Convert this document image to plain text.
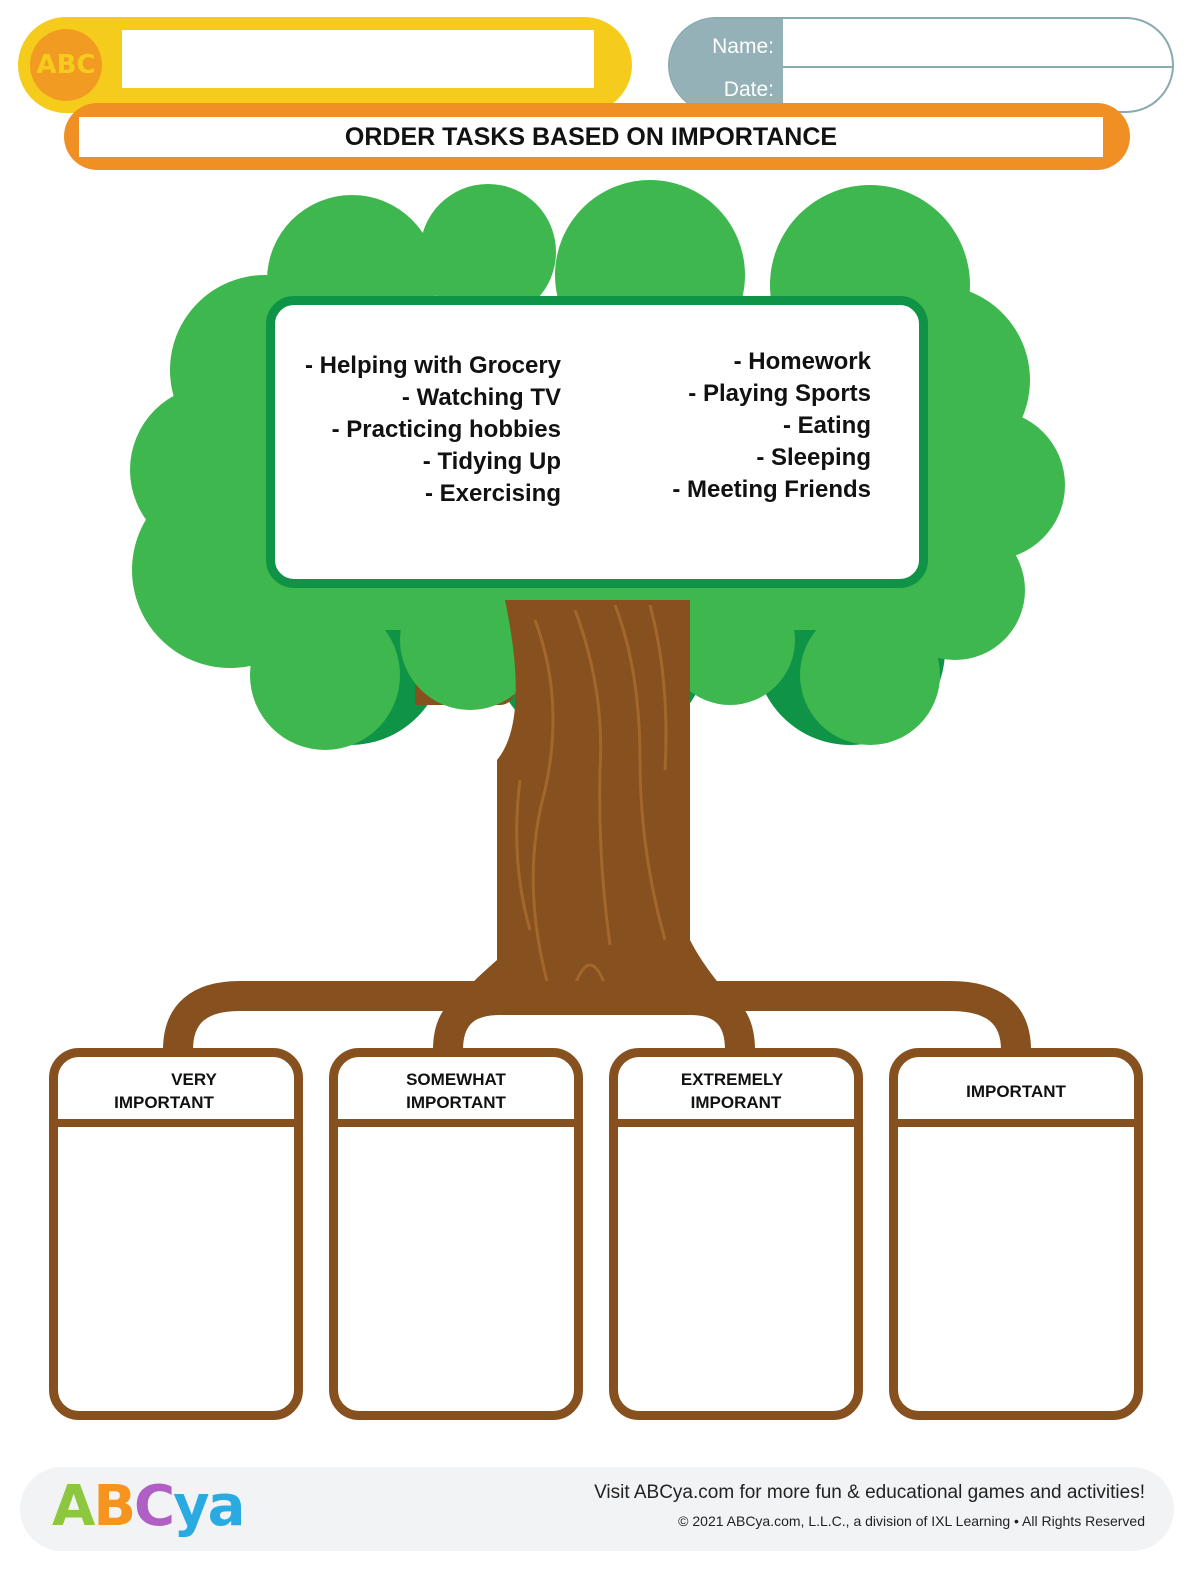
A B C
Name:
Date:
ORDER TASKS BASED ON IMPORTANCE
- Helping with Grocery
- Watching TV
- Practicing hobbies
- Tidying Up
- Exercising
- Homework
- Playing Sports
- Eating
- Sleeping
- Meeting Friends
VERY
IMPORTANT
SOMEWHAT
IMPORTANT
EXTREMELY
IMPORANT
IMPORTANT
ABCya	Visit ABCya.com for more fun & educational games and activities!
© 2021 ABCya.com, L.L.C., a division of IXL Learning • All Rights Reserved
